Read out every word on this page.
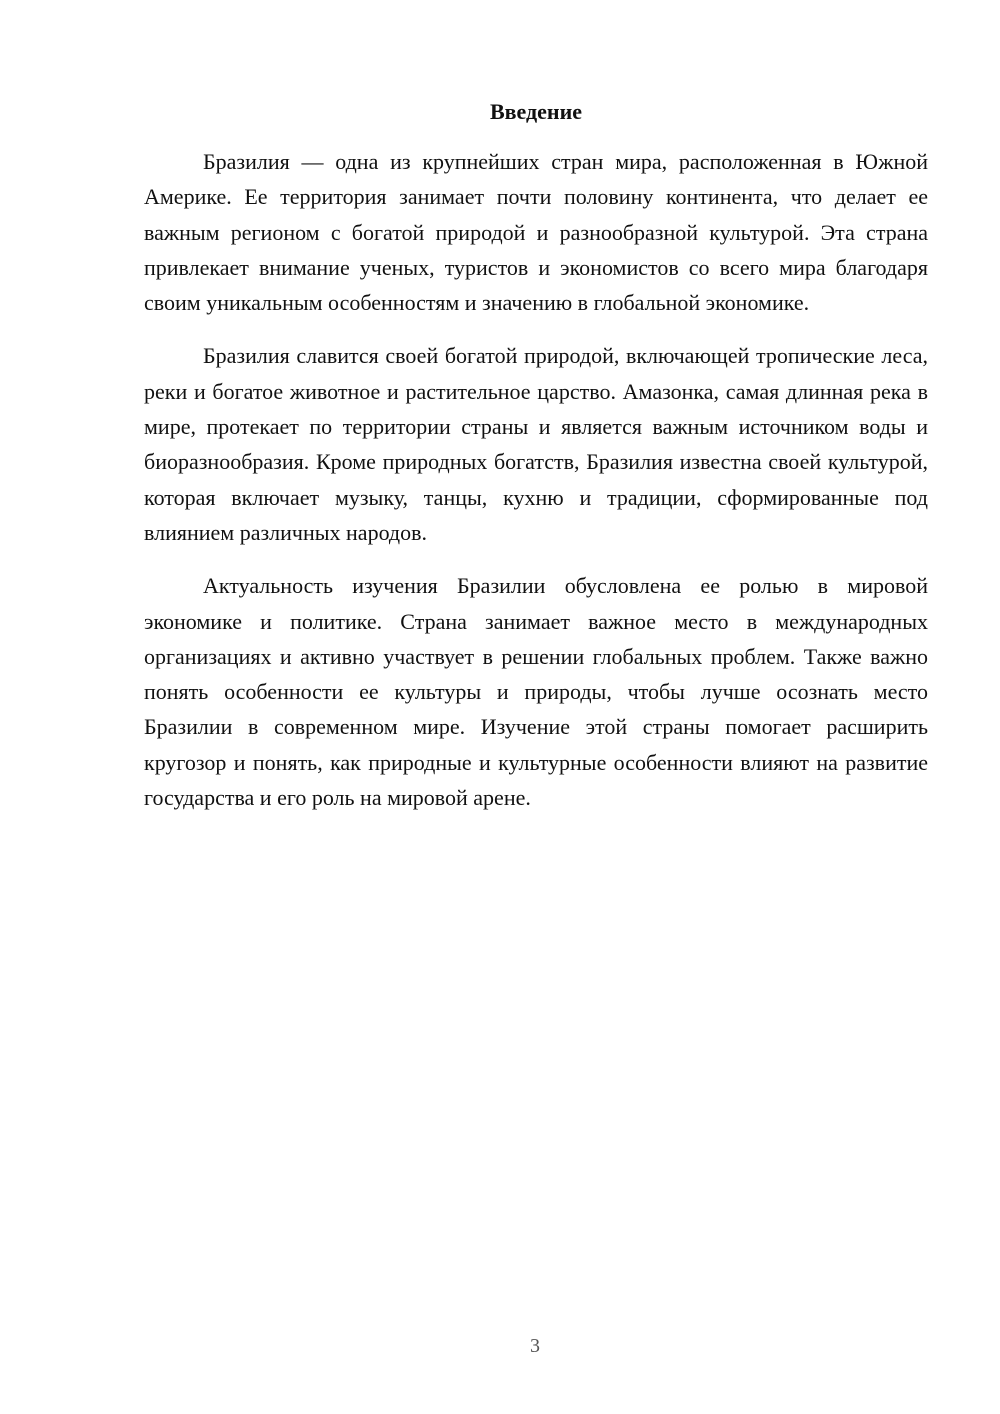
Введение

Бразилия — одна из крупнейших стран мира, расположенная в Южной Америке. Ее территория занимает почти половину континента, что делает ее важным регионом с богатой природой и разнообразной культурой. Эта страна привлекает внимание ученых, туристов и экономистов со всего мира благодаря своим уникальным особенностям и значению в глобальной экономике.

Бразилия славится своей богатой природой, включающей тропические леса, реки и богатое животное и растительное царство. Амазонка, самая длинная река в мире, протекает по территории страны и является важным источником воды и биоразнообразия. Кроме природных богатств, Бразилия известна своей культурой, которая включает музыку, танцы, кухню и традиции, сформированные под влиянием различных народов.

Актуальность изучения Бразилии обусловлена ее ролью в мировой экономике и политике. Страна занимает важное место в международных организациях и активно участвует в решении глобальных проблем. Также важно понять особенности ее культуры и природы, чтобы лучше осознать место Бразилии в современном мире. Изучение этой страны помогает расширить кругозор и понять, как природные и культурные особенности влияют на развитие государства и его роль на мировой арене.

3
